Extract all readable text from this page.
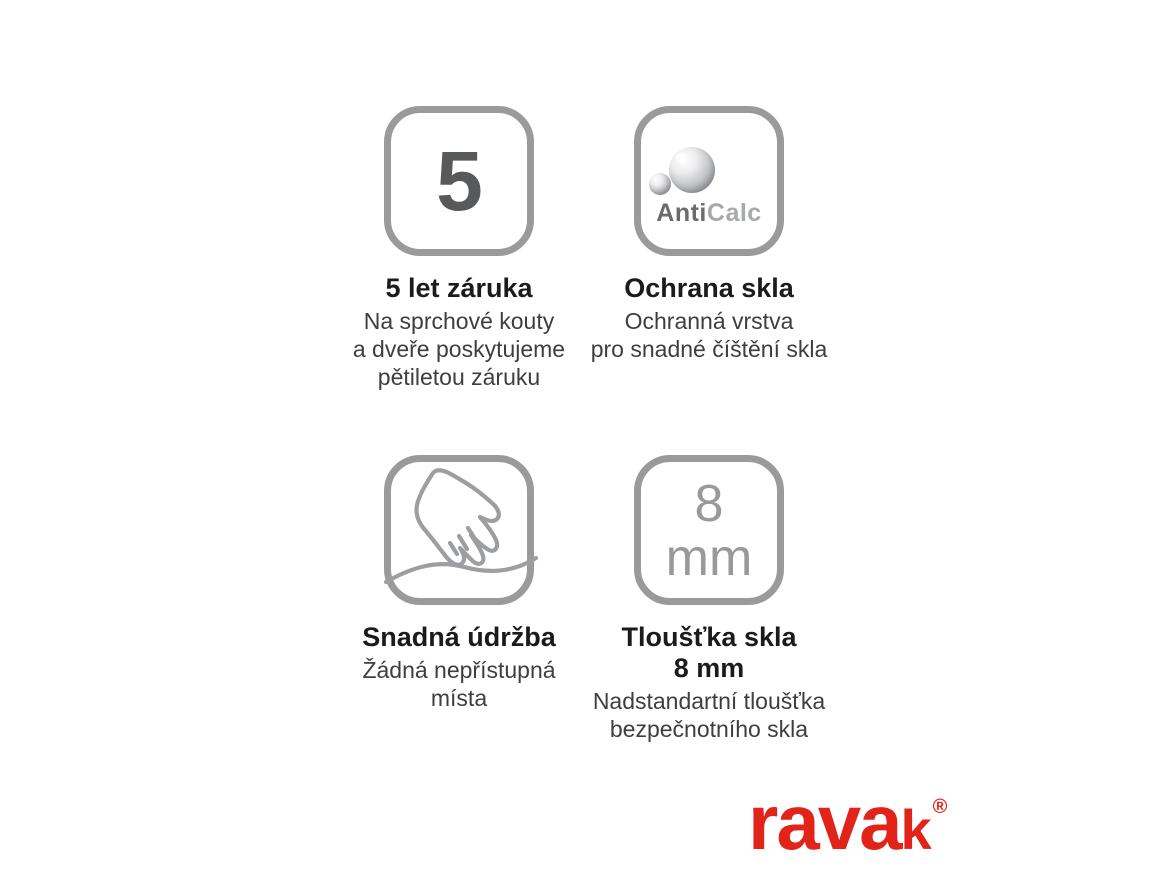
5
5 let záruka
Na sprchové kouty
a dveře poskytujeme
pětiletou záruku
AntiCalc
Ochrana skla
Ochranná vrstva
pro snadné číštění skla
Snadná údržba
Žádná nepřístupná
místa
8
mm
Tloušťka skla
8 mm
Nadstandartní tloušťka
bezpečnotního skla
ravak ®
